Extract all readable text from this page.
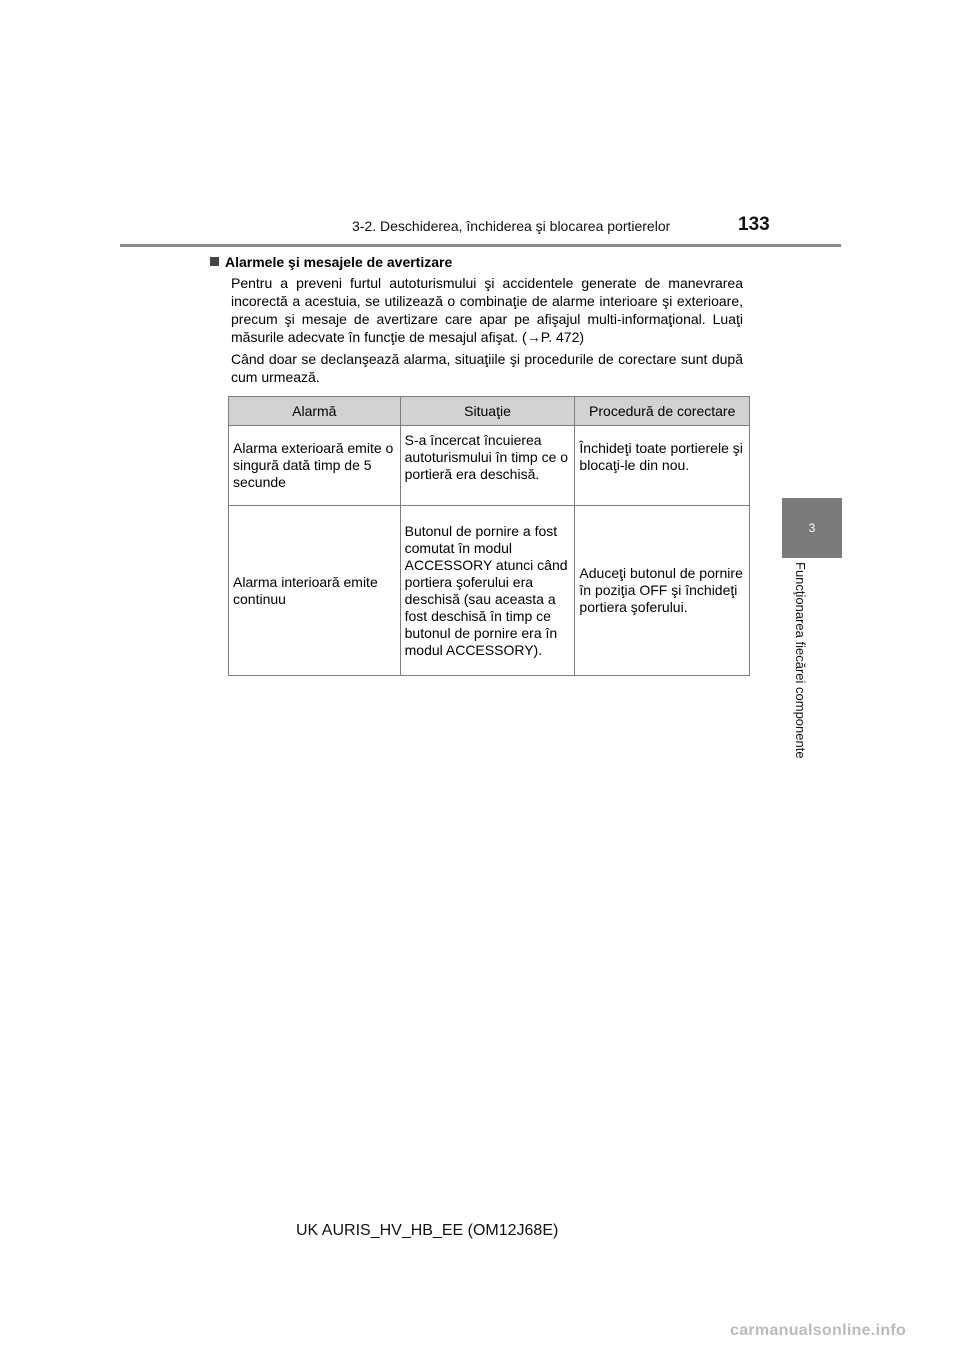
3-2. Deschiderea, închiderea şi blocarea portierelor	133
3
Funcţionarea fiecărei componente
Alarmele şi mesajele de avertizare
Pentru a preveni furtul autoturismului şi accidentele generate de manevrarea incorectă a acestuia, se utilizează o combinaţie de alarme interioare şi exterioare, precum şi mesaje de avertizare care apar pe afişajul multi-informaţional. Luaţi măsurile adecvate în funcţie de mesajul afişat. (→P. 472)
Când doar se declanşează alarma, situaţiile şi procedurile de corectare sunt după cum urmează.
Alarmă	Situaţie	Procedură de corectare
Alarma exterioară emite o singură dată timp de 5 secunde	S-a încercat încuierea autoturismului în timp ce o portieră era deschisă.	Închideţi toate portierele şi blocaţi-le din nou.
Alarma interioară emite continuu	Butonul de pornire a fost comutat în modul ACCESSORY atunci când portiera şoferului era deschisă (sau aceasta a fost deschisă în timp ce butonul de pornire era în modul ACCESSORY).	Aduceţi butonul de pornire în poziţia OFF şi închideţi portiera şoferului.
UK AURIS_HV_HB_EE (OM12J68E)
carmanualsonline.info
